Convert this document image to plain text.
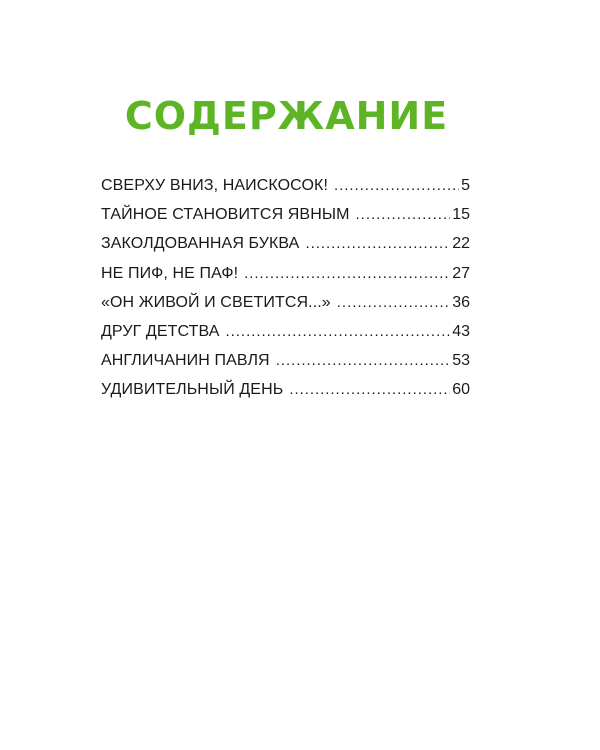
СОДЕРЖАНИЕ
СВЕРХУ ВНИЗ, НАИСКОСОК! . . .	5
ТАЙНОЕ СТАНОВИТСЯ ЯВНЫМ . . .	15
ЗАКОЛДОВАННАЯ БУКВА . . .	22
НЕ ПИФ, НЕ ПАФ! . . .	27
«ОН ЖИВОЙ И СВЕТИТСЯ...» . . .	36
ДРУГ ДЕТСТВА . . .	43
АНГЛИЧАНИН ПАВЛЯ . . .	53
УДИВИТЕЛЬНЫЙ ДЕНЬ . . .	60
